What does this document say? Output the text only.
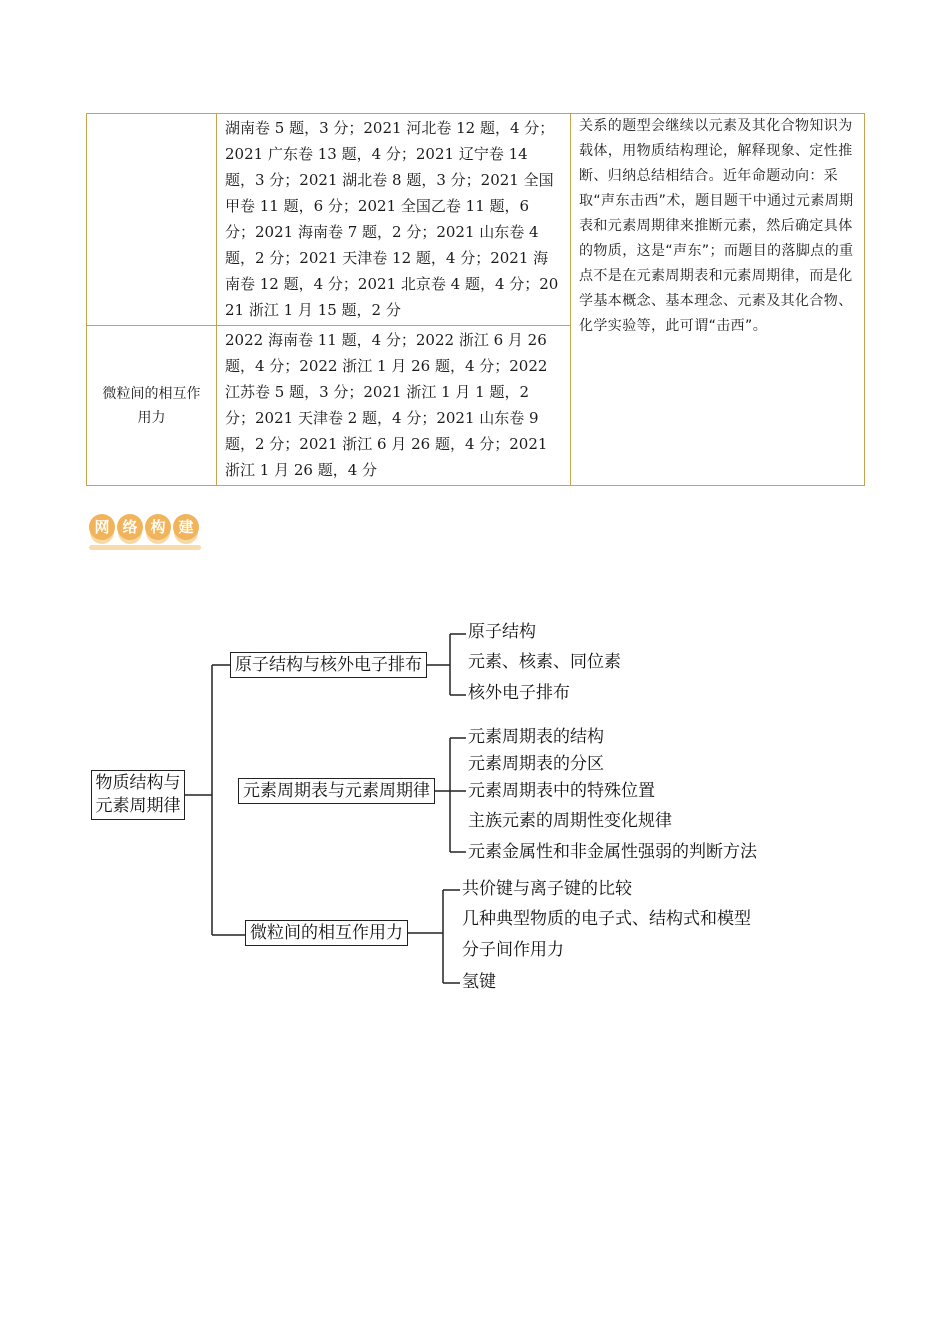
	湖南卷 5 题，3 分；2021 河北卷 12 题，4 分；2021 广东卷 13 题，4 分；2021 辽宁卷 14 题，3 分；2021 湖北卷 8 题，3 分；2021 全国甲卷 11 题，6 分；2021 全国乙卷 11 题，6 分；2021 海南卷 7 题，2 分；2021 山东卷 4 题，2 分；2021 天津卷 12 题，4 分；2021 海南卷 12 题，4 分；2021 北京卷 4 题，4 分；2021 浙江 1 月 15 题，2 分	关系的题型会继续以元素及其化合物知识为载体，用物质结构理论，解释现象、定性推断、归纳总结相结合。近年命题动向：采取“声东击西”术，题目题干中通过元素周期表和元素周期律来推断元素，然后确定具体的物质，这是“声东”；而题目的落脚点的重点不是在元素周期表和元素周期律，而是化学基本概念、基本理念、元素及其化合物、化学实验等，此可谓“击西”。
微粒间的相互作用力	2022 海南卷 11 题，4 分；2022 浙江 6 月 26 题，4 分；2022 浙江 1 月 26 题，4 分；2022 江苏卷 5 题，3 分；2021 浙江 1 月 1 题，2 分；2021 天津卷 2 题，4 分；2021 山东卷 9 题，2 分；2021 浙江 6 月 26 题，4 分；2021 浙江 1 月 26 题，4 分	
网 络 构 建
物质结构与元素周期律
原子结构与核外电子排布
元素周期表与元素周期律
微粒间的相互作用力
原子结构
元素、核素、同位素
核外电子排布
元素周期表的结构
元素周期表的分区
元素周期表中的特殊位置
主族元素的周期性变化规律
元素金属性和非金属性强弱的判断方法
共价键与离子键的比较
几种典型物质的电子式、结构式和模型
分子间作用力
氢键
